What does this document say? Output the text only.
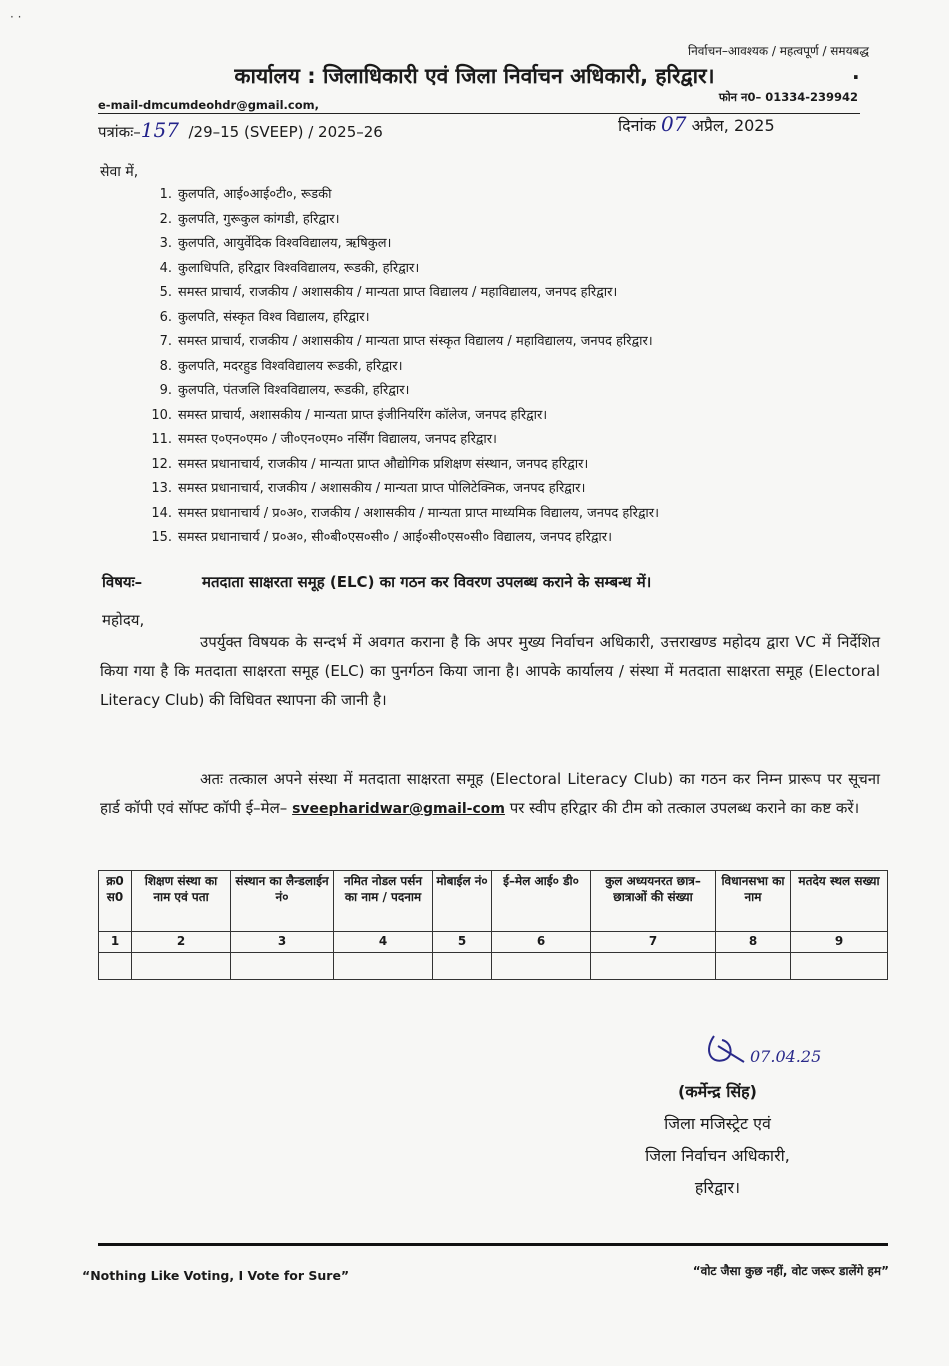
· ·
निर्वाचन–आवश्यक / महत्वपूर्ण / समयबद्ध
कार्यालय : जिलाधिकारी एवं जिला निर्वाचन अधिकारी, हरिद्वार।	.
e-mail-dmcumdeohdr@gmail.com,
फोन न0– 01334-239942
पत्रांकः–157 /29–15 (SVEEP) / 2025–26	दिनांक 07 अप्रैल, 2025
सेवा में,
1. कुलपति, आई०आई०टी०, रूडकी
2. कुलपति, गुरूकुल कांगडी, हरिद्वार।
3. कुलपति, आयुर्वेदिक विश्वविद्यालय, ऋषिकुल।
4. कुलाधिपति, हरिद्वार विश्वविद्यालय, रूडकी, हरिद्वार।
5. समस्त प्राचार्य, राजकीय / अशासकीय / मान्यता प्राप्त विद्यालय / महाविद्यालय, जनपद हरिद्वार।
6. कुलपति, संस्कृत विश्व विद्यालय, हरिद्वार।
7. समस्त प्राचार्य, राजकीय / अशासकीय / मान्यता प्राप्त संस्कृत विद्यालय / महाविद्यालय, जनपद हरिद्वार।
8. कुलपति, मदरहुड विश्वविद्यालय रूडकी, हरिद्वार।
9. कुलपति, पंतजलि विश्वविद्यालय, रूडकी, हरिद्वार।
10. समस्त प्राचार्य, अशासकीय / मान्यता प्राप्त इंजीनियरिंग कॉलेज, जनपद हरिद्वार।
11. समस्त ए०एन०एम० / जी०एन०एम० नर्सिंग विद्यालय, जनपद हरिद्वार।
12. समस्त प्रधानाचार्य, राजकीय / मान्यता प्राप्त औद्योगिक प्रशिक्षण संस्थान, जनपद हरिद्वार।
13. समस्त प्रधानाचार्य, राजकीय / अशासकीय / मान्यता प्राप्त पोलिटेक्निक, जनपद हरिद्वार।
14. समस्त प्रधानाचार्य / प्र०अ०, राजकीय / अशासकीय / मान्यता प्राप्त माध्यमिक विद्यालय, जनपद हरिद्वार।
15. समस्त प्रधानाचार्य / प्र०अ०, सी०बी०एस०सी० / आई०सी०एस०सी० विद्यालय, जनपद हरिद्वार।
विषयः–	मतदाता साक्षरता समूह (ELC) का गठन कर विवरण उपलब्ध कराने के सम्बन्ध में।
महोदय,

उपर्युक्त विषयक के सन्दर्भ में अवगत कराना है कि अपर मुख्य निर्वाचन अधिकारी, उत्तराखण्ड महोदय द्वारा VC में निर्देशित किया गया है कि मतदाता साक्षरता समूह (ELC) का पुनर्गठन किया जाना है। आपके कार्यालय / संस्था में मतदाता साक्षरता समूह (Electoral Literacy Club) की विधिवत स्थापना की जानी है।

अतः तत्काल अपने संस्था में मतदाता साक्षरता समूह (Electoral Literacy Club) का गठन कर निम्न प्रारूप पर सूचना हार्ड कॉपी एवं सॉफ्ट कॉपी ई–मेल– sveepharidwar@gmail-com पर स्वीप हरिद्वार की टीम को तत्काल उपलब्ध कराने का कष्ट करें।

क्र0 स0	शिक्षण संस्था का नाम एवं पता	संस्थान का लैन्डलाईन नं०	नमित नोडल पर्सन का नाम / पदनाम	मोबाईल नं०	ई–मेल आई० डी०	कुल अध्ययनरत छात्र–छात्राओं की संख्या	विधानसभा का नाम	मतदेय स्थल सख्या
1	2	3	4	5	6	7	8	9

07.04.25
(कर्मेन्द्र सिंह)
जिला मजिस्ट्रेट एवं
जिला निर्वाचन अधिकारी,
हरिद्वार।
“Nothing Like Voting, I Vote for Sure”	“वोट जैसा कुछ नहीं, वोट जरूर डालेंगे हम”
